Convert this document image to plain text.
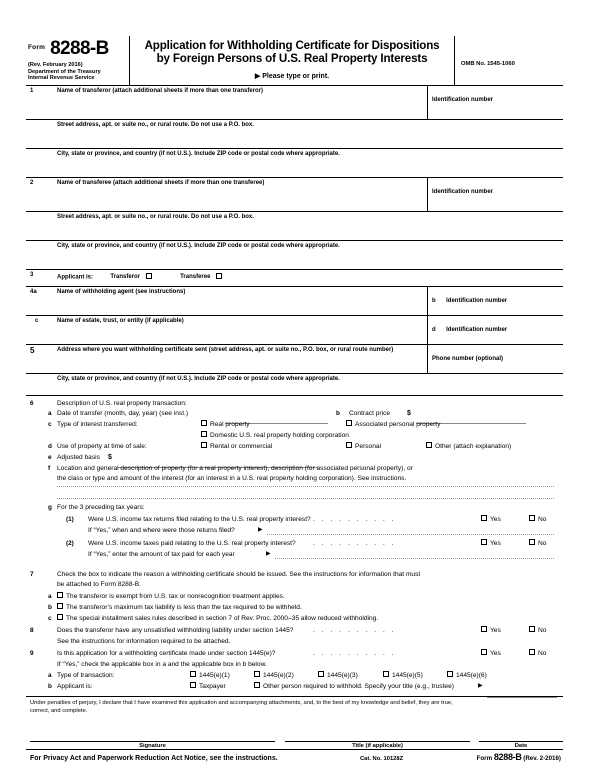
Form 8288-B
(Rev. February 2016)
Department of the Treasury
Internal Revenue Service
Application for Withholding Certificate for Dispositions
by Foreign Persons of U.S. Real Property Interests
▶ Please type or print.
OMB No. 1545-1060
1	Name of transferor (attach additional sheets if more than one transferor)
Identification number
Street address, apt. or suite no., or rural route. Do not use a P.O. box.
City, state or province, and country (if not U.S.). Include ZIP code or postal code where appropriate.
2	Name of transferee (attach additional sheets if more than one transferee)
Identification number
Street address, apt. or suite no., or rural route. Do not use a P.O. box.
City, state or province, and country (if not U.S.). Include ZIP code or postal code where appropriate.
3	Applicant is:	Transferor	Transferee
4a	Name of withholding agent (see instructions)
b Identification number
c	Name of estate, trust, or entity (if applicable)
d Identification number
5	Address where you want withholding certificate sent (street address, apt. or suite no., P.O. box, or rural route number)
Phone number (optional)
City, state or province, and country (if not U.S.). Include ZIP code or postal code where appropriate.
6	Description of U.S. real property transaction:
a Date of transfer (month, day, year) (see inst.)	b Contract price $
c Type of interest transferred:	Real property	Associated personal property
Domestic U.S. real property holding corporation
d Use of property at time of sale:	Rental or commercial	Personal	Other (attach explanation)
e Adjusted basis $
f Location and general description of property (for a real property interest), description (for associated personal property), or
the class or type and amount of the interest (for an interest in a U.S. real property holding corporation). See instructions.
g For the 3 preceding tax years:
(1) Were U.S. income tax returns filed relating to the U.S. real property interest? . . . . . . . . . .	Yes	No
If “Yes,” when and where were those returns filed?	▶
(2) Were U.S. income taxes paid relating to the U.S. real property interest?	. . . . . . . . . .	Yes	No
If “Yes,” enter the amount of tax paid for each year	▶
7	Check the box to indicate the reason a withholding certificate should be issued. See the instructions for information that must
be attached to Form 8288-B.
a	The transferor is exempt from U.S. tax or nonrecognition treatment applies.
b	The transferor’s maximum tax liability is less than the tax required to be withheld.
c	The special installment sales rules described in section 7 of Rev. Proc. 2000–35 allow reduced withholding.
8	Does the transferor have any unsatisfied withholding liability under section 1445?	. . . . . . . . . .	Yes	No
See the instructions for information required to be attached.
9	Is this application for a withholding certificate made under section 1445(e)?	. . . . . . . . . .	Yes	No
If “Yes,” check the applicable box in a and the applicable box in b below.
a Type of transaction:	1445(e)(1)	1445(e)(2)	1445(e)(3)	1445(e)(5)	1445(e)(6)
b Applicant is:	Taxpayer	Other person required to withhold. Specify your title (e.g., trustee)	▶
Under penalties of perjury, I declare that I have examined this application and accompanying attachments, and, to the best of my knowledge and belief, they are true,
correct, and complete.
Signature	Title (if applicable)	Date
For Privacy Act and Paperwork Reduction Act Notice, see the instructions.	Cat. No. 10128Z	Form 8288-B (Rev. 2-2016)
